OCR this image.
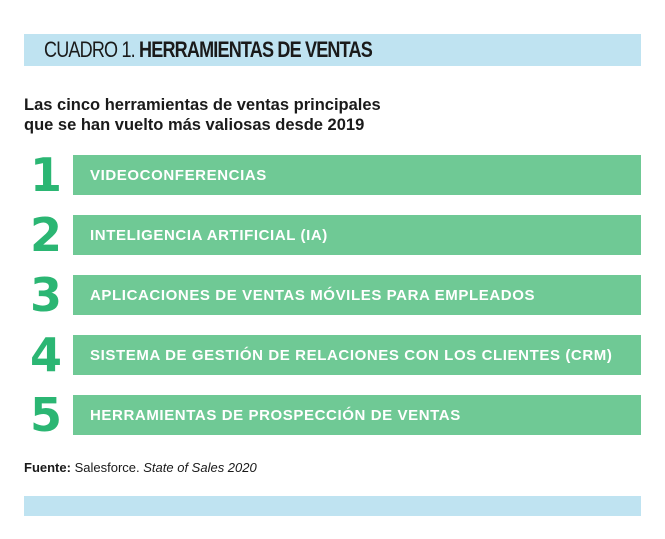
CUADRO 1. HERRAMIENTAS DE VENTAS
Las cinco herramientas de ventas principales
que se han vuelto más valiosas desde 2019
1	VIDEOCONFERENCIAS
2	INTELIGENCIA ARTIFICIAL (IA)
3	APLICACIONES DE VENTAS MÓVILES PARA EMPLEADOS
4	SISTEMA DE GESTIÓN DE RELACIONES CON LOS CLIENTES (CRM)
5	HERRAMIENTAS DE PROSPECCIÓN DE VENTAS
Fuente: Salesforce. State of Sales 2020
